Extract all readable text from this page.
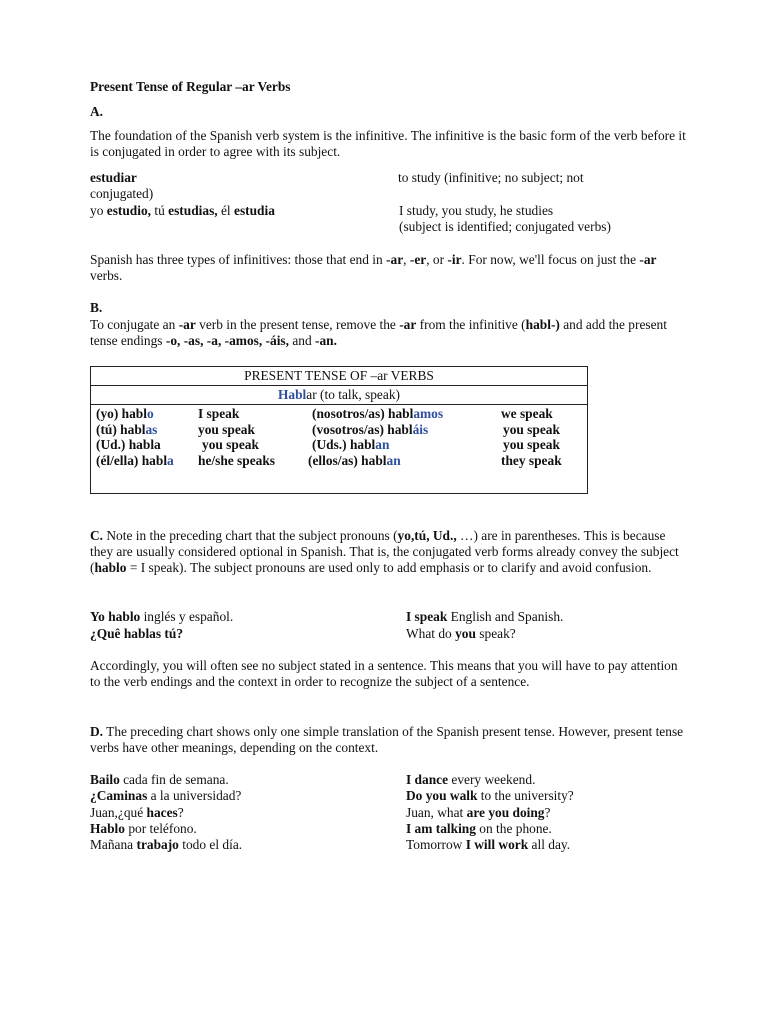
Present Tense of Regular –ar Verbs
A.
The foundation of the Spanish verb system is the infinitive. The infinitive is the basic form of the verb before it is conjugated in order to agree with its subject.
estudiar	to study (infinitive; no subject; not
conjugated)
yo estudio, tú estudias, él estudia	I study, you study, he studies
(subject is identified; conjugated verbs)
Spanish has three types of infinitives: those that end in -ar, -er, or -ir. For now, we'll focus on just the -ar verbs.
B.
To conjugate an -ar verb in the present tense, remove the -ar from the infinitive (habl-) and add the present tense endings -o, -as, -a, -amos, -áis, and -an.
PRESENT TENSE OF –ar VERBS
Hablar (to talk, speak)
(yo) hablo	I speak	(nosotros/as) hablamos	we speak
(tú) hablas	you speak	(vosotros/as) habláis	you speak
(Ud.) habla	you speak	(Uds.) hablan	you speak
(él/ella) habla he/she speaks (ellos/as) hablan	they speak
C. Note in the preceding chart that the subject pronouns (yo,tú, Ud., …) are in parentheses. This is because they are usually considered optional in Spanish. That is, the conjugated verb forms already convey the subject (hablo = I speak). The subject pronouns are used only to add emphasis or to clarify and avoid confusion.
Yo hablo inglés y español.	I speak English and Spanish.
¿Quê hablas tú?	What do you speak?
Accordingly, you will often see no subject stated in a sentence. This means that you will have to pay attention to the verb endings and the context in order to recognize the subject of a sentence.
D. The preceding chart shows only one simple translation of the Spanish present tense. However, present tense verbs have other meanings, depending on the context.
Bailo cada fin de semana.	I dance every weekend.
¿Caminas a la universidad?	Do you walk to the university?
Juan,¿qué haces?	Juan, what are you doing?
Hablo por teléfono.	I am talking on the phone.
Mañana trabajo todo el día.	Tomorrow I will work all day.
